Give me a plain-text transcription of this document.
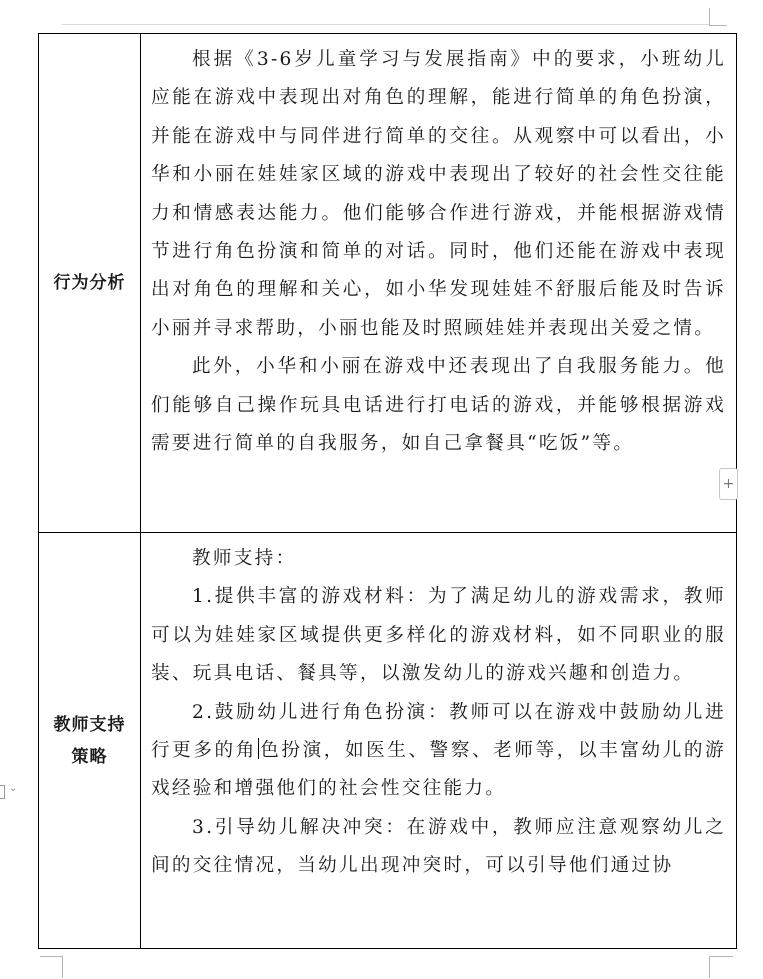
行为分析	根据《3-6岁儿童学习与发展指南》中的要求，小班幼儿应能在游戏中表现出对角色的理解，能进行简单的角色扮演，并能在游戏中与同伴进行简单的交往。从观察中可以看出，小华和小丽在娃娃家区域的游戏中表现出了较好的社会性交往能力和情感表达能力。他们能够合作进行游戏，并能根据游戏情节进行角色扮演和简单的对话。同时，他们还能在游戏中表现出对角色的理解和关心，如小华发现娃娃不舒服后能及时告诉小丽并寻求帮助，小丽也能及时照顾娃娃并表现出关爱之情。

此外，小华和小丽在游戏中还表现出了自我服务能力。他们能够自己操作玩具电话进行打电话的游戏，并能够根据游戏需要进行简单的自我服务，如自己拿餐具“吃饭”等。

教师支持策略	教师支持：

1.提供丰富的游戏材料：为了满足幼儿的游戏需求，教师可以为娃娃家区域提供更多样化的游戏材料，如不同职业的服装、玩具电话、餐具等，以激发幼儿的游戏兴趣和创造力。

2.鼓励幼儿进行角色扮演：教师可以在游戏中鼓励幼儿进行更多的角 色扮演，如医生、警察、老师等，以丰富幼儿的游戏经验和增强他们的社会性交往能力。

3.引导幼儿解决冲突：在游戏中，教师应注意观察幼儿之间的交往情况，当幼儿出现冲突时，可以引导他们通过协

+
⌄
